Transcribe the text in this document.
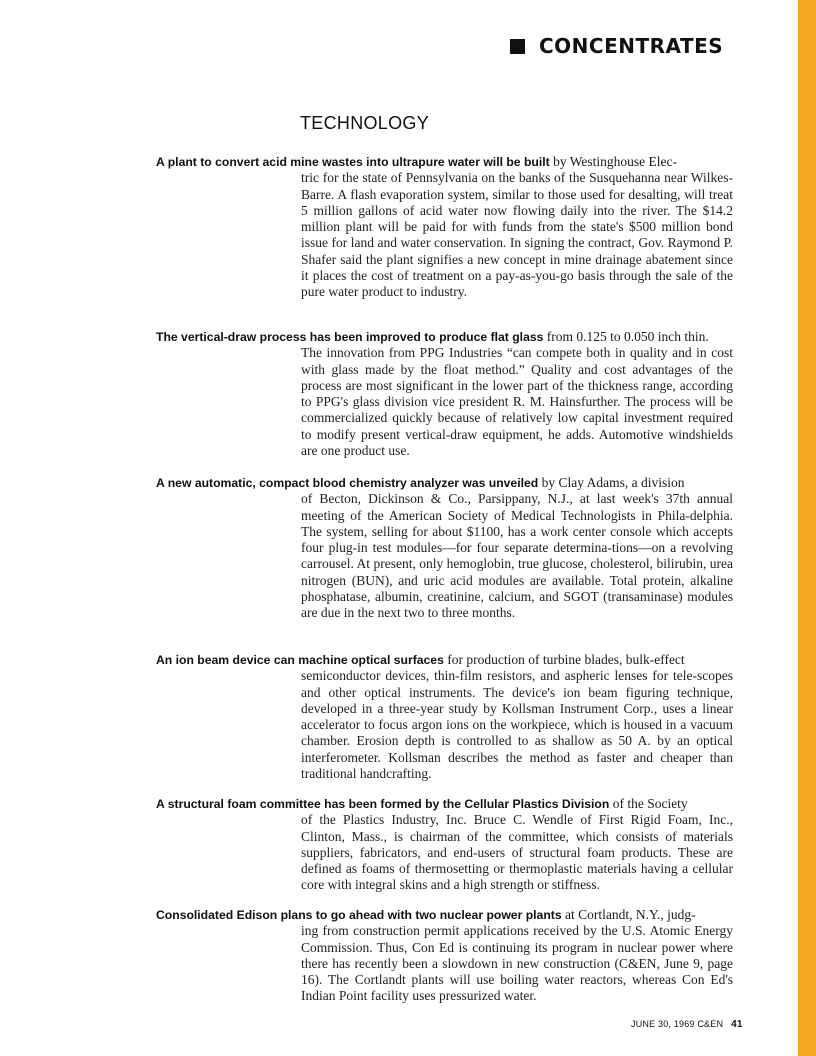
CONCENTRATES
TECHNOLOGY
A plant to convert acid mine wastes into ultrapure water will be built by Westinghouse Elec-
tric for the state of Pennsylvania on the banks of the Susquehanna near Wilkes-Barre. A flash evaporation system, similar to those used for desalting, will treat 5 million gallons of acid water now flowing daily into the river. The $14.2 million plant will be paid for with funds from the state's $500 million bond issue for land and water conservation. In signing the contract, Gov. Raymond P. Shafer said the plant signifies a new concept in mine drainage abatement since it places the cost of treatment on a pay-as-you-go basis through the sale of the pure water product to industry.
The vertical-draw process has been improved to produce flat glass from 0.125 to 0.050 inch thin.
The innovation from PPG Industries “can compete both in quality and in cost with glass made by the float method.” Quality and cost advantages of the process are most significant in the lower part of the thickness range, according to PPG's glass division vice president R. M. Hainsfurther. The process will be commercialized quickly because of relatively low capital investment required to modify present vertical-draw equipment, he adds. Automotive windshields are one product use.
A new automatic, compact blood chemistry analyzer was unveiled by Clay Adams, a division
of Becton, Dickinson & Co., Parsippany, N.J., at last week's 37th annual meeting of the American Society of Medical Technologists in Phila-delphia. The system, selling for about $1100, has a work center console which accepts four plug-in test modules—for four separate determina-tions—on a revolving carrousel. At present, only hemoglobin, true glucose, cholesterol, bilirubin, urea nitrogen (BUN), and uric acid modules are available. Total protein, alkaline phosphatase, albumin, creatinine, calcium, and SGOT (transaminase) modules are due in the next two to three months.
An ion beam device can machine optical surfaces for production of turbine blades, bulk-effect
semiconductor devices, thin-film resistors, and aspheric lenses for tele-scopes and other optical instruments. The device's ion beam figuring technique, developed in a three-year study by Kollsman Instrument Corp., uses a linear accelerator to focus argon ions on the workpiece, which is housed in a vacuum chamber. Erosion depth is controlled to as shallow as 50 A. by an optical interferometer. Kollsman describes the method as faster and cheaper than traditional handcrafting.
A structural foam committee has been formed by the Cellular Plastics Division of the Society
of the Plastics Industry, Inc. Bruce C. Wendle of First Rigid Foam, Inc., Clinton, Mass., is chairman of the committee, which consists of materials suppliers, fabricators, and end-users of structural foam products. These are defined as foams of thermosetting or thermoplastic materials having a cellular core with integral skins and a high strength or stiffness.
Consolidated Edison plans to go ahead with two nuclear power plants at Cortlandt, N.Y., judg-
ing from construction permit applications received by the U.S. Atomic Energy Commission. Thus, Con Ed is continuing its program in nuclear power where there has recently been a slowdown in new construction (C&EN, June 9, page 16). The Cortlandt plants will use boiling water reactors, whereas Con Ed's Indian Point facility uses pressurized water.
JUNE 30, 1969 C&EN 41
